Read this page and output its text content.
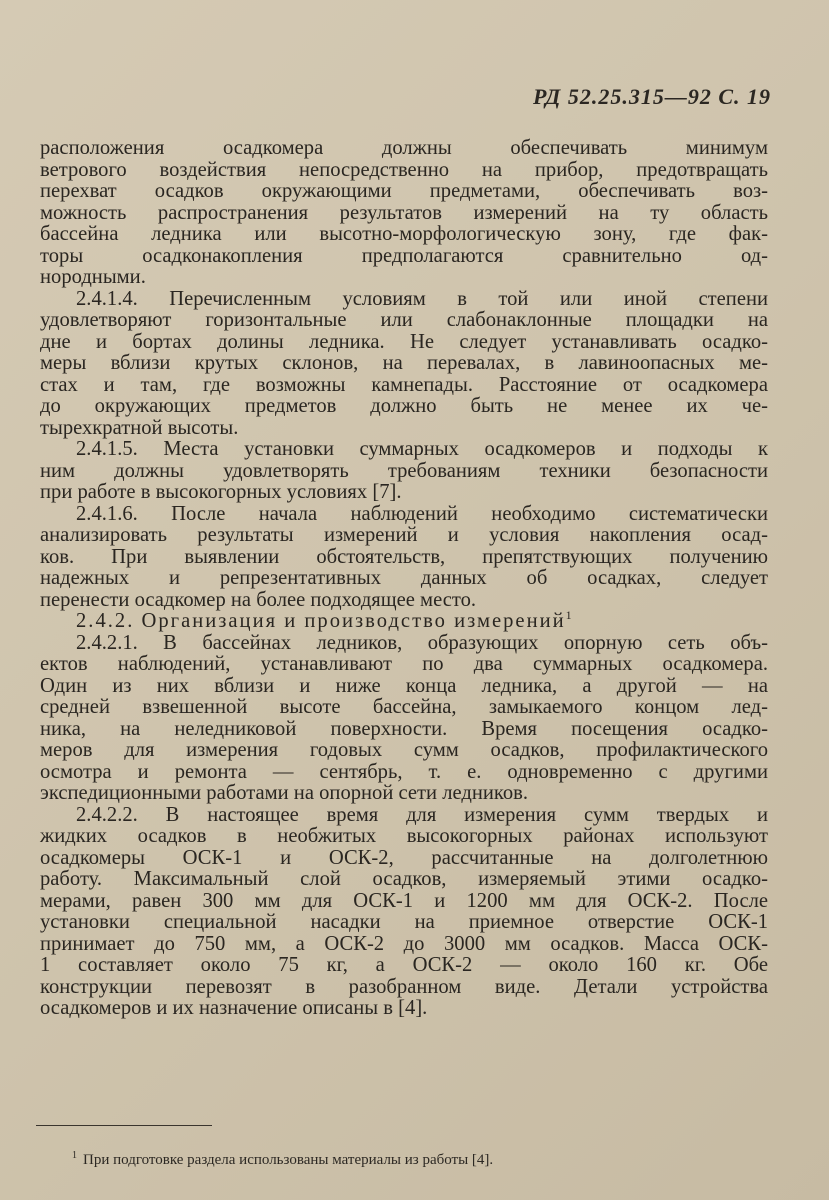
РД 52.25.315—92 С. 19
расположения осадкомера должны обеспечивать минимум
ветрового воздействия непосредственно на прибор, предотвращать
перехват осадков окружающими предметами, обеспечивать воз-
можность распространения результатов измерений на ту область
бассейна ледника или высотно-морфологическую зону, где фак-
торы осадконакопления предполагаются сравнительно од-
нородными.
2.4.1.4. Перечисленным условиям в той или иной степени
удовлетворяют горизонтальные или слабонаклонные площадки на
дне и бортах долины ледника. Не следует устанавливать осадко-
меры вблизи крутых склонов, на перевалах, в лавиноопасных ме-
стах и там, где возможны камнепады. Расстояние от осадкомера
до окружающих предметов должно быть не менее их че-
тырехкратной высоты.
2.4.1.5. Места установки суммарных осадкомеров и подходы к
ним должны удовлетворять требованиям техники безопасности
при работе в высокогорных условиях [7].
2.4.1.6. После начала наблюдений необходимо систематически
анализировать результаты измерений и условия накопления осад-
ков. При выявлении обстоятельств, препятствующих получению
надежных и репрезентативных данных об осадках, следует
перенести осадкомер на более подходящее место.
2.4.2. Организация и производство измерений$^1$
2.4.2.1. В бассейнах ледников, образующих опорную сеть объ-
ектов наблюдений, устанавливают по два суммарных осадкомера.
Один из них вблизи и ниже конца ледника, а другой — на
средней взвешенной высоте бассейна, замыкаемого концом лед-
ника, на неледниковой поверхности. Время посещения осадко-
меров для измерения годовых сумм осадков, профилактического
осмотра и ремонта — сентябрь, т. е. одновременно с другими
экспедиционными работами на опорной сети ледников.
2.4.2.2. В настоящее время для измерения сумм твердых и
жидких осадков в необжитых высокогорных районах используют
осадкомеры ОСК-1 и ОСК-2, рассчитанные на долголетнюю
работу. Максимальный слой осадков, измеряемый этими осадко-
мерами, равен 300 мм для ОСК-1 и 1200 мм для ОСК-2. После
установки специальной насадки на приемное отверстие ОСК-1
принимает до 750 мм, а ОСК-2 до 3000 мм осадков. Масса ОСК-
1 составляет около 75 кг, а ОСК-2 — около 160 кг. Обе
конструкции перевозят в разобранном виде. Детали устройства
осадкомеров и их назначение описаны в [4].
$^1$ При подготовке раздела использованы материалы из работы [4].
